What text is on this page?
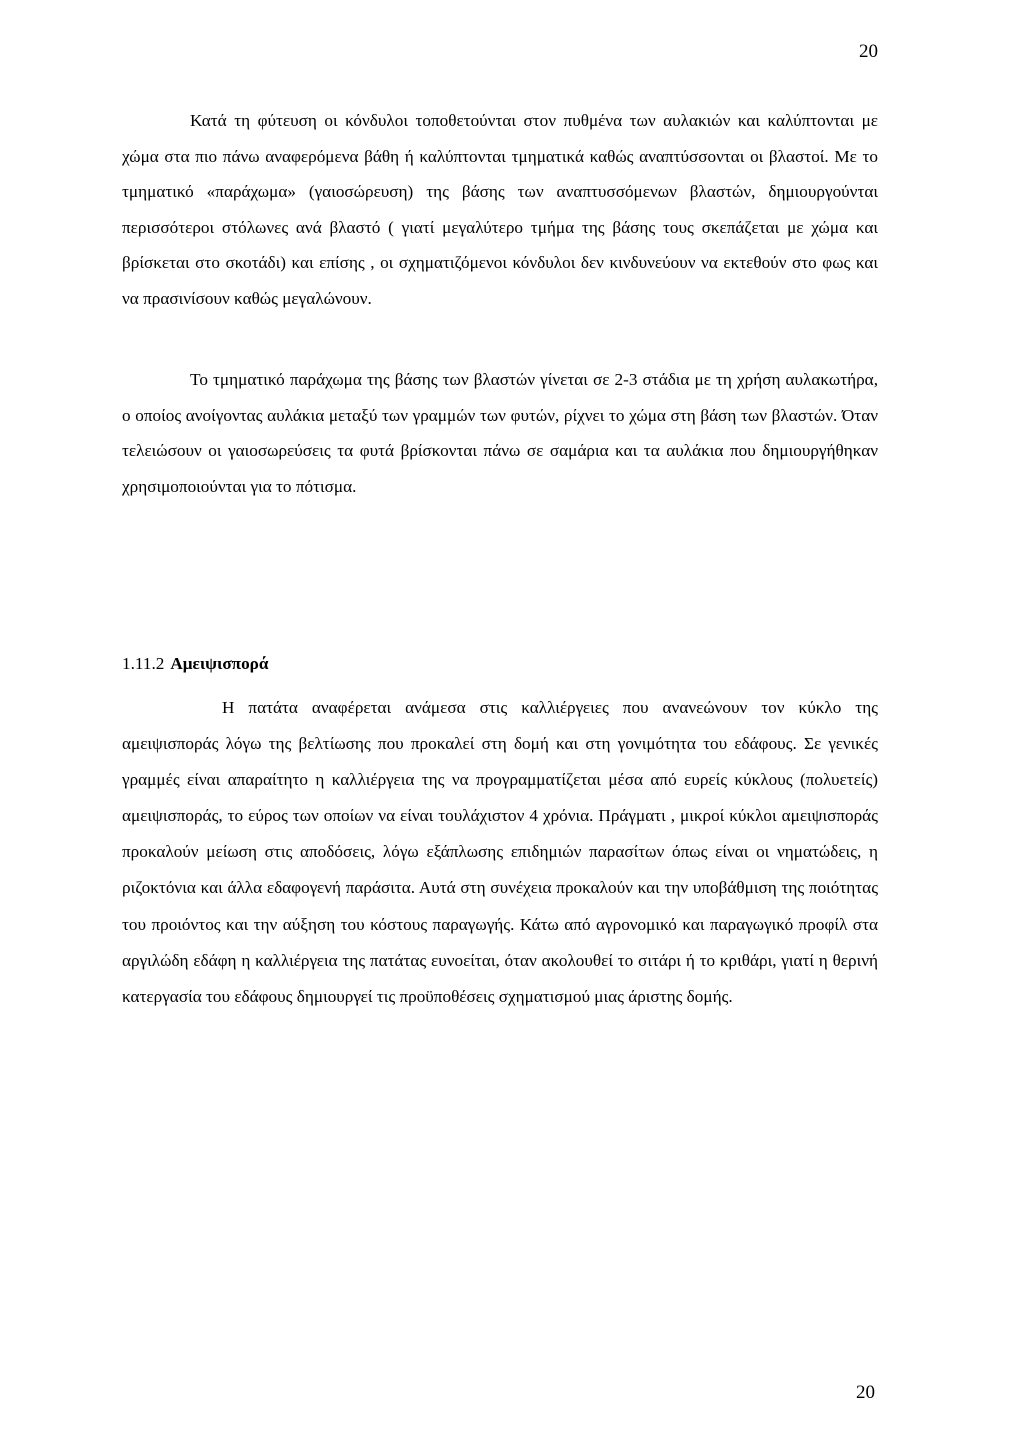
20

Κατά τη φύτευση οι κόνδυλοι τοποθετούνται στον πυθμένα των αυλακιών και καλύπτονται με χώμα στα πιο πάνω αναφερόμενα βάθη ή καλύπτονται τμηματικά καθώς αναπτύσσονται οι βλαστοί. Με το τμηματικό «παράχωμα» (γαιοσώρευση) της βάσης των αναπτυσσόμενων βλαστών, δημιουργούνται περισσότεροι στόλωνες ανά βλαστό ( γιατί μεγαλύτερο τμήμα της βάσης τους σκεπάζεται με χώμα και βρίσκεται στο σκοτάδι) και επίσης , οι σχηματιζόμενοι κόνδυλοι δεν κινδυνεύουν να εκτεθούν στο φως και να πρασινίσουν καθώς μεγαλώνουν.

Το τμηματικό παράχωμα της βάσης των βλαστών γίνεται σε 2-3 στάδια με τη χρήση αυλακωτήρα, ο οποίος ανοίγοντας αυλάκια μεταξύ των γραμμών των φυτών, ρίχνει το χώμα στη βάση των βλαστών. Όταν τελειώσουν οι γαιοσωρεύσεις τα φυτά βρίσκονται πάνω σε σαμάρια και τα αυλάκια που δημιουργήθηκαν χρησιμοποιούνται για το πότισμα.

1.11.2 Αμειψισπορά

Η πατάτα αναφέρεται ανάμεσα στις καλλιέργειες που ανανεώνουν τον κύκλο της αμειψισποράς λόγω της βελτίωσης που προκαλεί στη δομή και στη γονιμότητα του εδάφους. Σε γενικές γραμμές είναι απαραίτητο η καλλιέργεια της να προγραμματίζεται μέσα από ευρείς κύκλους (πολυετείς) αμειψισποράς, το εύρος των οποίων να είναι τουλάχιστον 4 χρόνια. Πράγματι , μικροί κύκλοι αμειψισποράς προκαλούν μείωση στις αποδόσεις, λόγω εξάπλωσης επιδημιών παρασίτων όπως είναι οι νηματώδεις, η ριζοκτόνια και άλλα εδαφογενή παράσιτα. Αυτά στη συνέχεια προκαλούν και την υποβάθμιση της ποιότητας του προιόντος και την αύξηση του κόστους παραγωγής. Κάτω από αγρονομικό και παραγωγικό προφίλ στα αργιλώδη εδάφη η καλλιέργεια της πατάτας ευνοείται, όταν ακολουθεί το σιτάρι ή το κριθάρι, γιατί η θερινή κατεργασία του εδάφους δημιουργεί τις προϋποθέσεις σχηματισμού μιας άριστης δομής.

20
